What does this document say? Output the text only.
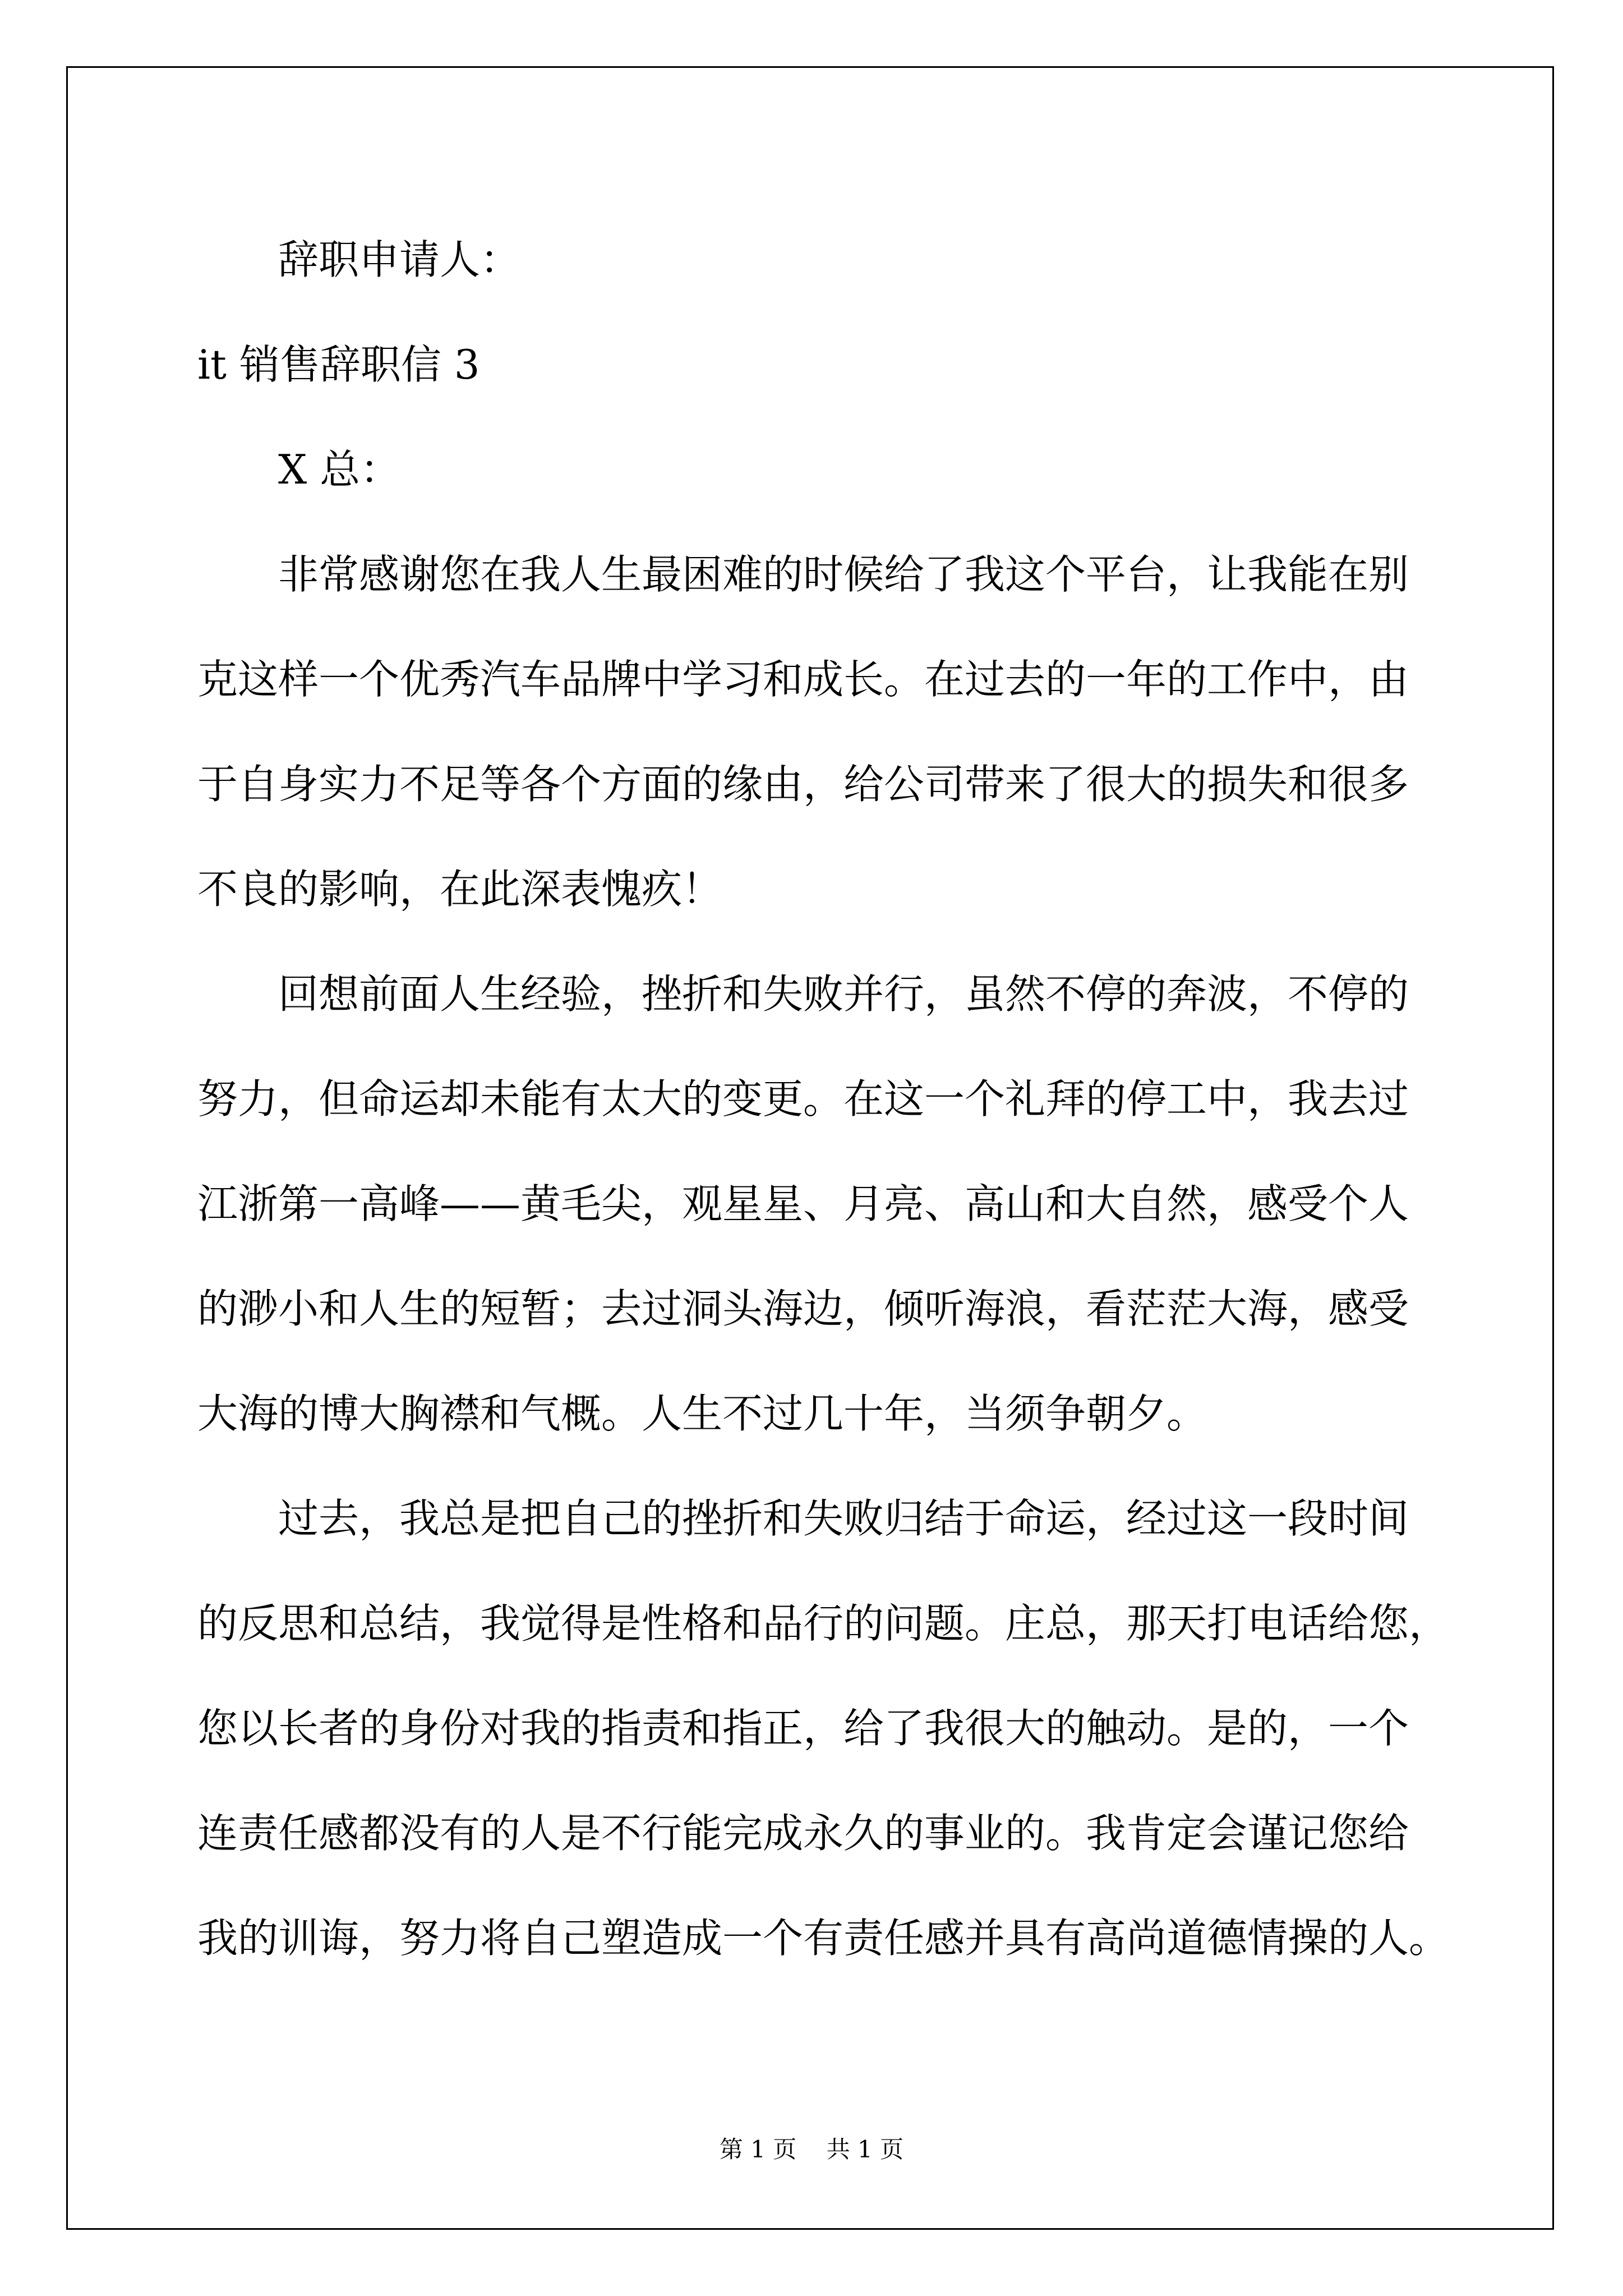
辞职申请人：

it 销售辞职信 3

X 总：

非常感谢您在我人生最困难的时候给了我这个平台，让我能在别

克这样一个优秀汽车品牌中学习和成长。在过去的一年的工作中，由

于自身实力不足等各个方面的缘由，给公司带来了很大的损失和很多

不良的影响，在此深表愧疚！

回想前面人生经验，挫折和失败并行，虽然不停的奔波，不停的

努力，但命运却未能有太大的变更。在这一个礼拜的停工中，我去过

江浙第一高峰——黄毛尖，观星星、月亮、高山和大自然，感受个人

的渺小和人生的短暂；去过洞头海边，倾听海浪，看茫茫大海，感受

大海的博大胸襟和气概。人生不过几十年，当须争朝夕。

过去，我总是把自己的挫折和失败归结于命运，经过这一段时间

的反思和总结，我觉得是性格和品行的问题。庄总，那天打电话给您，

您以长者的身份对我的指责和指正，给了我很大的触动。是的，一个

连责任感都没有的人是不行能完成永久的事业的。我肯定会谨记您给

我的训诲，努力将自己塑造成一个有责任感并具有高尚道德情操的人。

第 1 页    共 1 页
